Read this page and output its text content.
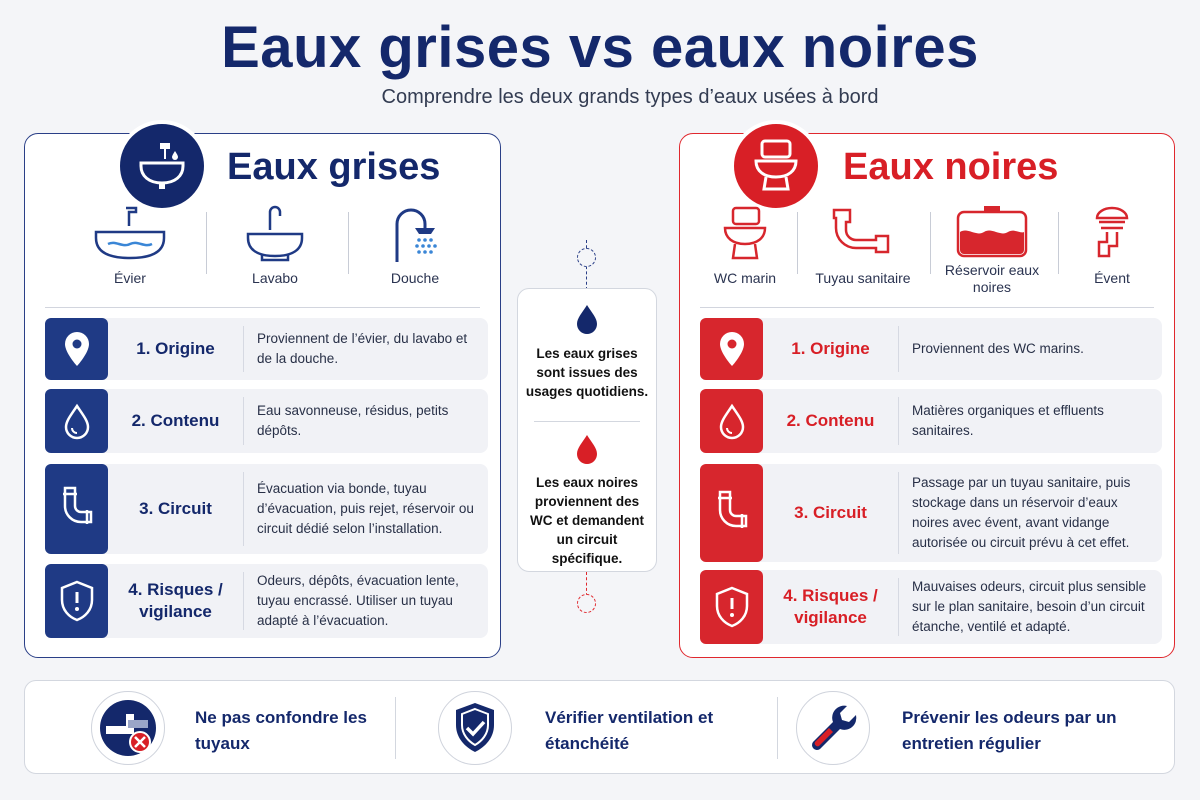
Eaux grises vs eaux noires
Comprendre les deux grands types d’eaux usées à bord
Eaux grises
Évier	Lavabo	Douche
1. Origine
Proviennent de l’évier, du lavabo et de la douche.
2. Contenu
Eau savonneuse, résidus, petits dépôts.
3. Circuit
Évacuation via bonde, tuyau d’évacuation, puis rejet, réservoir ou circuit dédié selon l’installation.
4. Risques / vigilance
Odeurs, dépôts, évacuation lente, tuyau encrassé. Utiliser un tuyau adapté à l’évacuation.
Les eaux grises sont issues des usages quotidiens.
Les eaux noires proviennent des WC et demandent un circuit spécifique.
Eaux noires
WC marin	Tuyau sanitaire	Réservoir eaux noires
Évent
1. Origine	Proviennent des WC marins.
2. Contenu
Matières organiques et effluents sanitaires.
3. Circuit
Passage par un tuyau sanitaire, puis stockage dans un réservoir d’eaux noires avec évent, avant vidange autorisée ou circuit prévu à cet effet.
4. Risques / vigilance
Mauvaises odeurs, circuit plus sensible sur le plan sanitaire, besoin d’un circuit étanche, ventilé et adapté.
Ne pas confondre les tuyaux
Vérifier ventilation et étanchéité
Prévenir les odeurs par un entretien régulier
